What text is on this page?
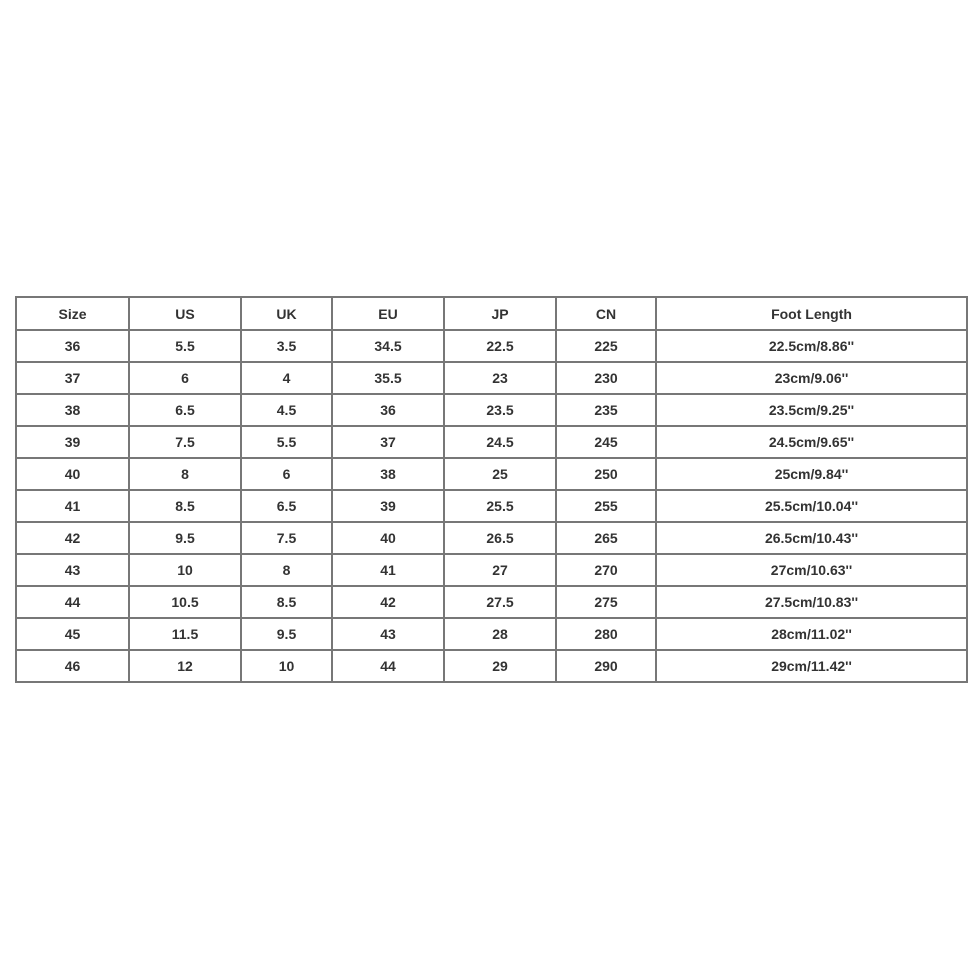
Size	US	UK	EU	JP	CN	Foot Length
36	5.5	3.5	34.5	22.5	225	22.5cm/8.86''
37	6	4	35.5	23	230	23cm/9.06''
38	6.5	4.5	36	23.5	235	23.5cm/9.25''
39	7.5	5.5	37	24.5	245	24.5cm/9.65''
40	8	6	38	25	250	25cm/9.84''
41	8.5	6.5	39	25.5	255	25.5cm/10.04''
42	9.5	7.5	40	26.5	265	26.5cm/10.43''
43	10	8	41	27	270	27cm/10.63''
44	10.5	8.5	42	27.5	275	27.5cm/10.83''
45	11.5	9.5	43	28	280	28cm/11.02''
46	12	10	44	29	290	29cm/11.42''
